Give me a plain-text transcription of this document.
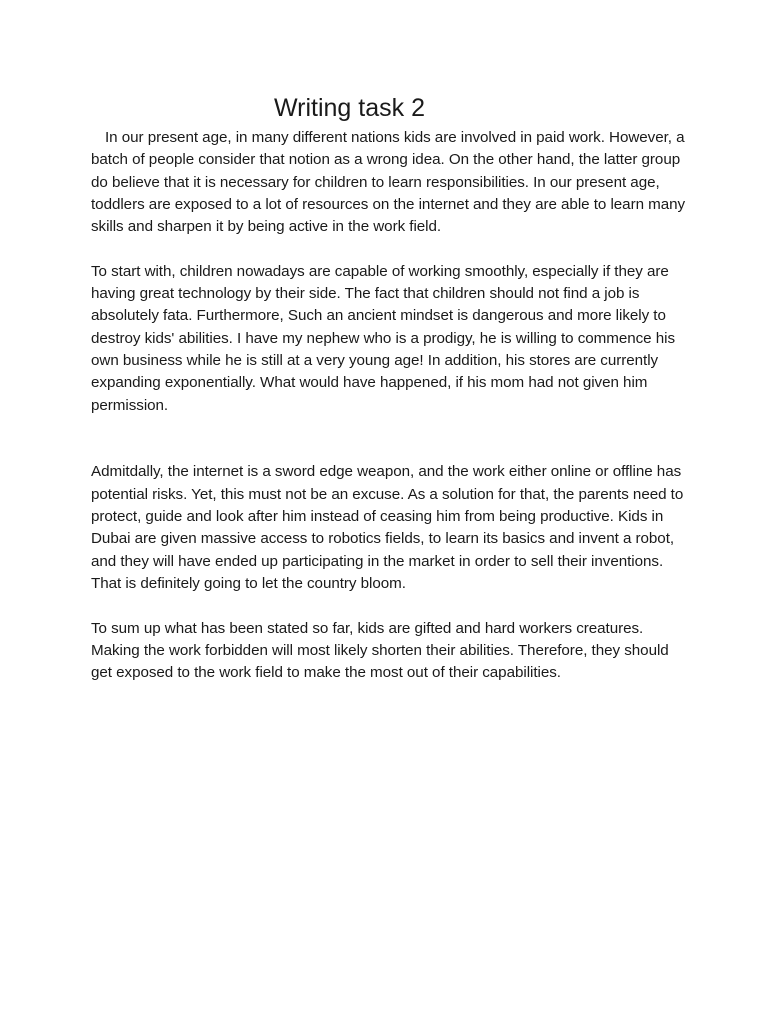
Writing task 2

In our present age, in many different nations kids are involved in paid work. However, a batch of people consider that notion as a wrong idea. On the other hand, the latter group do believe that it is necessary for children to learn responsibilities. In our present age, toddlers are exposed to a lot of resources on the internet and they are able to learn many skills and sharpen it by being active in the work field.

To start with, children nowadays are capable of working smoothly, especially if they are having great technology by their side. The fact that children should not find a job is absolutely fata. Furthermore, Such an ancient mindset is dangerous and more likely to destroy kids' abilities. I have my nephew who is a prodigy, he is willing to commence his own business while he is still at a very young age! In addition, his stores are currently expanding exponentially. What would have happened, if his mom had not given him permission.

Admitdally, the internet is a sword edge weapon, and the work either online or offline has potential risks. Yet, this must not be an excuse. As a solution for that, the parents need to protect, guide and look after him instead of ceasing him from being productive. Kids in Dubai are given massive access to robotics fields, to learn its basics and invent a robot, and they will have ended up participating in the market in order to sell their inventions. That is definitely going to let the country bloom.

To sum up what has been stated so far, kids are gifted and hard workers creatures. Making the work forbidden will most likely shorten their abilities. Therefore, they should get exposed to the work field to make the most out of their capabilities.
